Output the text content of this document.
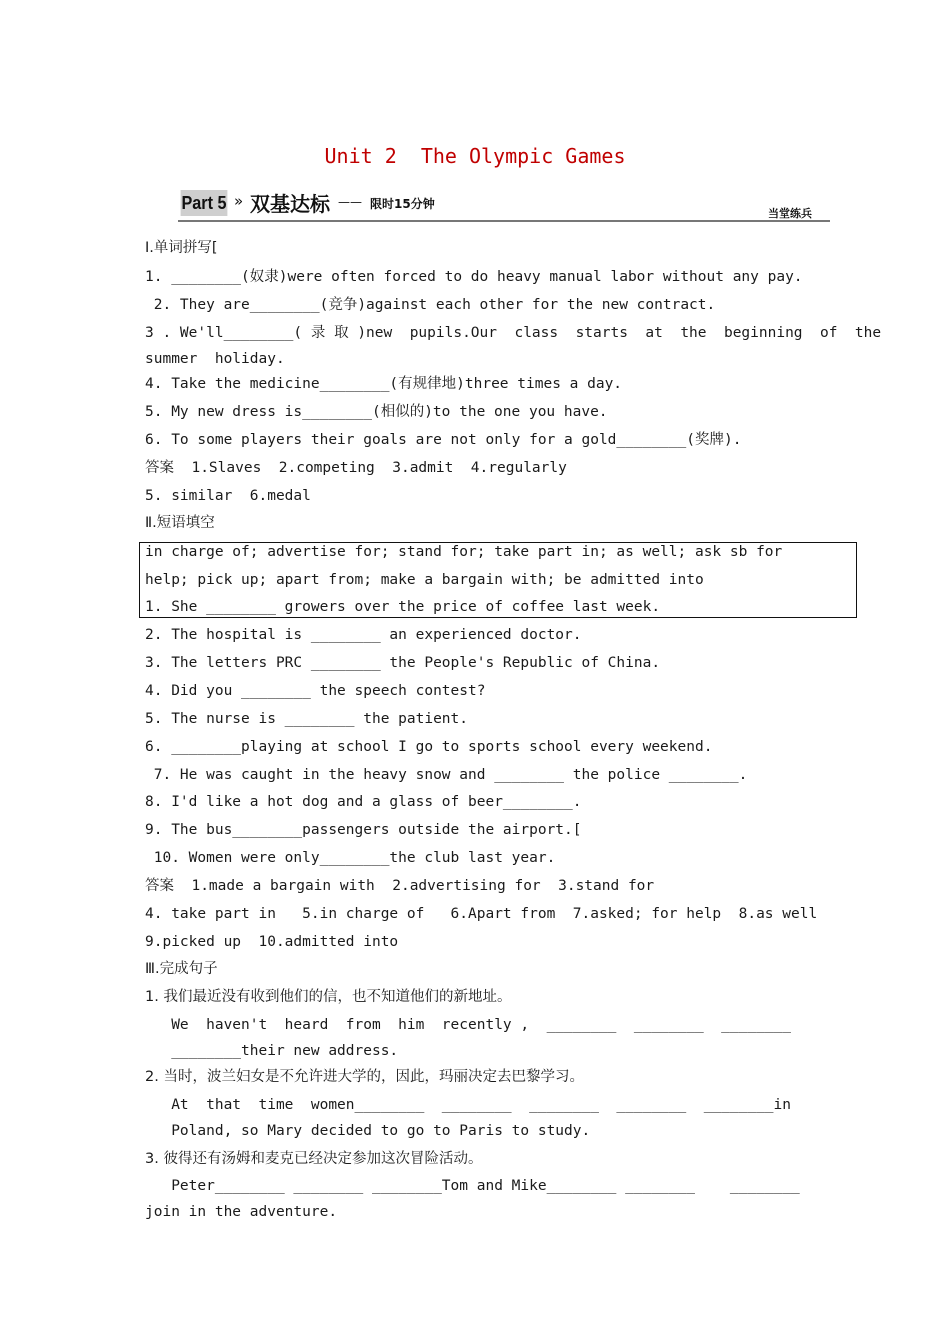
Unit 2  The Olympic Games
Part 5 » 双基达标 —— 限时15分钟
当堂练兵
Ⅰ.单词拼写[
1. ________(奴隶)were often forced to do heavy manual labor without any pay.
2. They are________(竞争)against each other for the new contract.
3 . We'll________( 录 取 )new  pupils.Our  class  starts  at  the  beginning  of  the
summer  holiday.
4. Take the medicine________(有规律地)three times a day.
5. My new dress is________(相似的)to the one you have.
6. To some players their goals are not only for a gold________(奖牌).
答案  1.Slaves  2.competing  3.admit  4.regularly
5. similar  6.medal
Ⅱ.短语填空
in charge of; advertise for; stand for; take part in; as well; ask sb for
help; pick up; apart from; make a bargain with; be admitted into
1. She ________ growers over the price of coffee last week.
2. The hospital is ________ an experienced doctor.
3. The letters PRC ________ the People's Republic of China.
4. Did you ________ the speech contest?
5. The nurse is ________ the patient.
6. ________playing at school I go to sports school every weekend.
7. He was caught in the heavy snow and ________ the police ________.
8. I'd like a hot dog and a glass of beer________.
9. The bus________passengers outside the airport.[
10. Women were only________the club last year.
答案  1.made a bargain with  2.advertising for  3.stand for
4. take part in   5.in charge of   6.Apart from  7.asked; for help  8.as well
9.picked up  10.admitted into
Ⅲ.完成句子
1. 我们最近没有收到他们的信，也不知道他们的新地址。
We  haven't  heard  from  him  recently ,  ________  ________  ________
________their new address.
2. 当时，波兰妇女是不允许进大学的，因此，玛丽决定去巴黎学习。
At  that  time  women________  ________  ________  ________  ________in
Poland, so Mary decided to go to Paris to study.
3. 彼得还有汤姆和麦克已经决定参加这次冒险活动。
Peter________ ________ ________Tom and Mike________ ________    ________
join in the adventure.
